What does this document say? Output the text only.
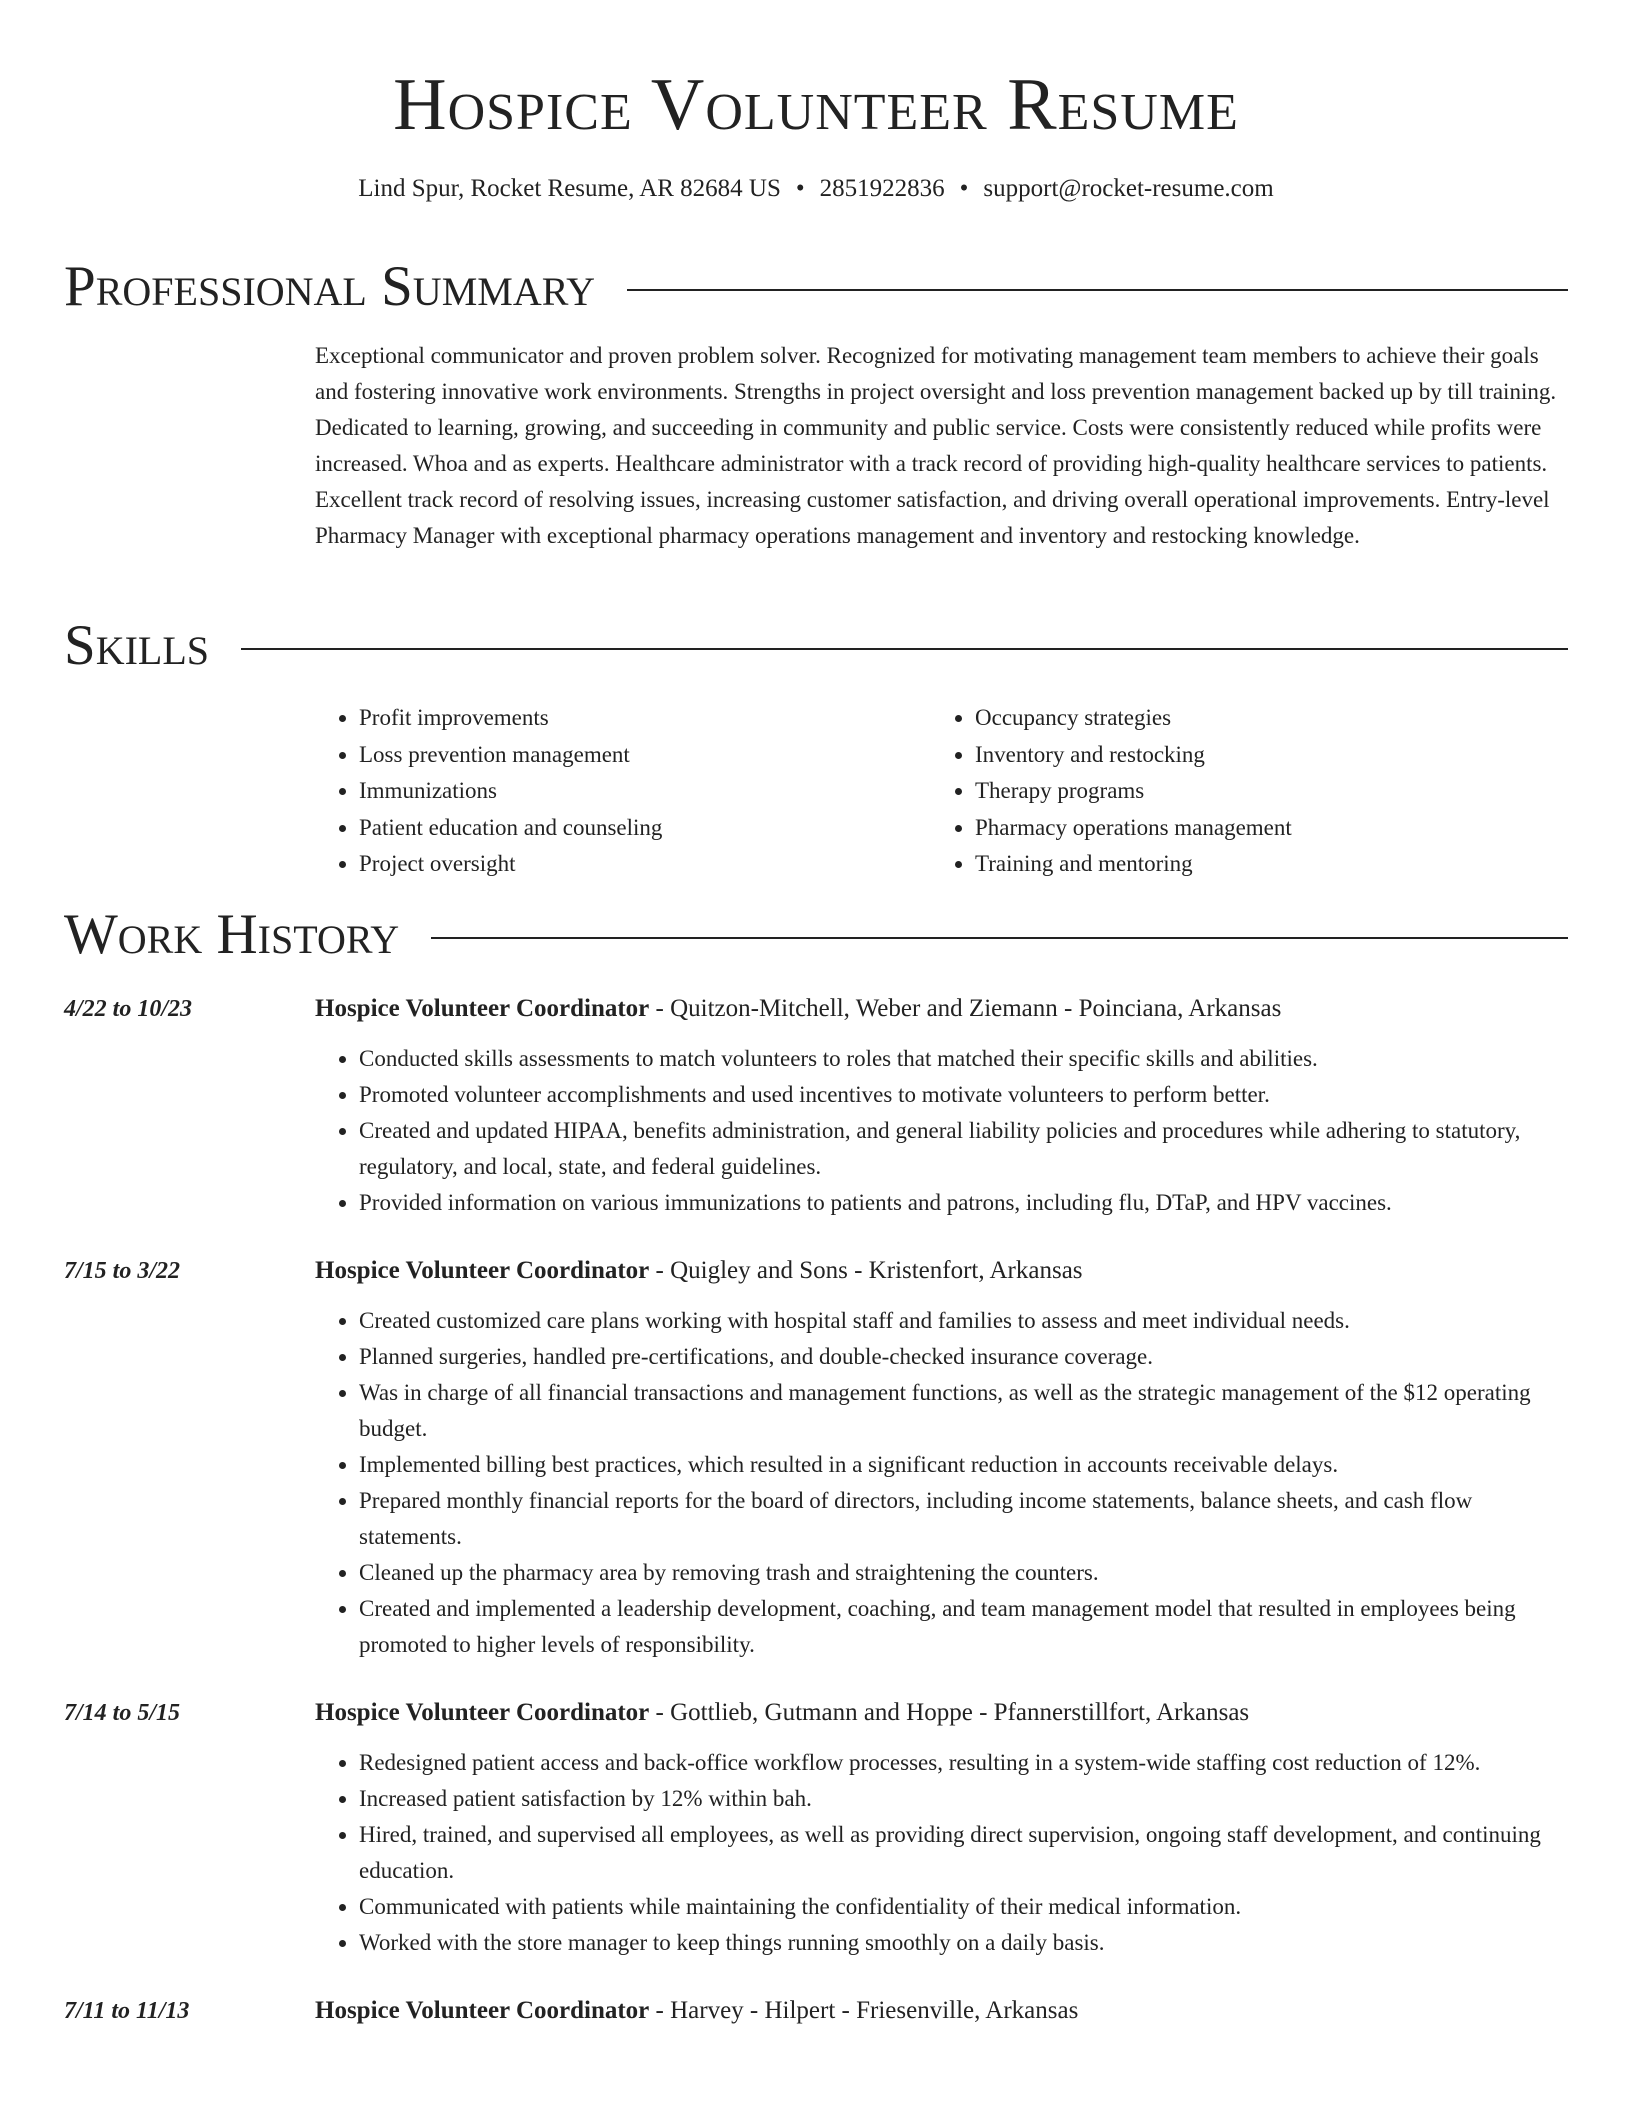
Hospice Volunteer Resume
Lind Spur, Rocket Resume, AR 82684 US • 2851922836 • support@rocket-resume.com
Professional Summary

Exceptional communicator and proven problem solver. Recognized for motivating management team members to achieve their goals and fostering innovative work environments. Strengths in project oversight and loss prevention management backed up by till training. Dedicated to learning, growing, and succeeding in community and public service. Costs were consistently reduced while profits were increased. Whoa and as experts. Healthcare administrator with a track record of providing high-quality healthcare services to patients. Excellent track record of resolving issues, increasing customer satisfaction, and driving overall operational improvements. Entry-level Pharmacy Manager with exceptional pharmacy operations management and inventory and restocking knowledge.

Skills
• Profit improvements
• Loss prevention management
• Immunizations
• Patient education and counseling
• Project oversight
• Occupancy strategies
• Inventory and restocking
• Therapy programs
• Pharmacy operations management
• Training and mentoring
Work History
4/22 to 10/23	Hospice Volunteer Coordinator - Quitzon-Mitchell, Weber and Ziemann - Poinciana, Arkansas
• Conducted skills assessments to match volunteers to roles that matched their specific skills and abilities.
• Promoted volunteer accomplishments and used incentives to motivate volunteers to perform better.
• Created and updated HIPAA, benefits administration, and general liability policies and procedures while adhering to statutory, regulatory, and local, state, and federal guidelines.
• Provided information on various immunizations to patients and patrons, including flu, DTaP, and HPV vaccines.
7/15 to 3/22	Hospice Volunteer Coordinator - Quigley and Sons - Kristenfort, Arkansas
• Created customized care plans working with hospital staff and families to assess and meet individual needs.
• Planned surgeries, handled pre-certifications, and double-checked insurance coverage.
• Was in charge of all financial transactions and management functions, as well as the strategic management of the $12 operating budget.
• Implemented billing best practices, which resulted in a significant reduction in accounts receivable delays.
• Prepared monthly financial reports for the board of directors, including income statements, balance sheets, and cash flow statements.
• Cleaned up the pharmacy area by removing trash and straightening the counters.
• Created and implemented a leadership development, coaching, and team management model that resulted in employees being promoted to higher levels of responsibility.
7/14 to 5/15	Hospice Volunteer Coordinator - Gottlieb, Gutmann and Hoppe - Pfannerstillfort, Arkansas
• Redesigned patient access and back-office workflow processes, resulting in a system-wide staffing cost reduction of 12%.
• Increased patient satisfaction by 12% within bah.
• Hired, trained, and supervised all employees, as well as providing direct supervision, ongoing staff development, and continuing education.
• Communicated with patients while maintaining the confidentiality of their medical information.
• Worked with the store manager to keep things running smoothly on a daily basis.
7/11 to 11/13	Hospice Volunteer Coordinator - Harvey - Hilpert - Friesenville, Arkansas
